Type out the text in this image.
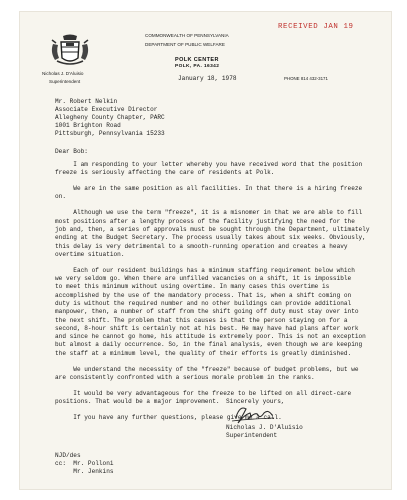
Nicholas J. D'Aluisio
Superintendent
COMMONWEALTH OF PENNSYLVANIA
DEPARTMENT OF PUBLIC WELFARE
POLK CENTER
POLK, PA. 16342
PHONE 814 432-3171
RECEIVED JAN 19
January 18, 1978
Mr. Robert Nelkin
Associate Executive Director
Allegheny County Chapter, PARC
1001 Brighton Road
Pittsburgh, Pennsylvania 15233
Dear Bob:

I am responding to your letter whereby you have received word that the position
freeze is seriously affecting the care of residents at Polk.

We are in the same position as all facilities. In that there is a hiring freeze
on.

Although we use the term "freeze", it is a misnomer in that we are able to fill
most positions after a lengthy process of the facility justifying the need for the
job and, then, a series of approvals must be sought through the Department, ultimately
ending at the Budget Secretary. The process usually takes about six weeks. Obviously,
this delay is very detrimental to a smooth-running operation and creates a heavy
overtime situation.

Each of our resident buildings has a minimum staffing requirement below which
we very seldom go. When there are unfilled vacancies on a shift, it is impossible
to meet this minimum without using overtime. In many cases this overtime is
accomplished by the use of the mandatory process. That is, when a shift coming on
duty is without the required number and no other buildings can provide additional
manpower, then, a number of staff from the shift going off duty must stay over into
the next shift. The problem that this causes is that the person staying on for a
second, 8-hour shift is certainly not at his best. He may have had plans after work
and since he cannot go home, his attitude is extremely poor. This is not an exception
but almost a daily occurrence. So, in the final analysis, even though we are keeping
the staff at a minimum level, the quality of their efforts is greatly diminished.

We understand the necessity of the "freeze" because of budget problems, but we
are consistently confronted with a serious morale problem in the ranks.

It would be very advantageous for the freeze to be lifted on all direct-care
positions. That would be a major improvement.

If you have any further questions, please give me a call.

Sincerely yours,
Nicholas J. D'Aluisio
Superintendent
NJD/des
cc:  Mr. Polloni
Mr. Jenkins
